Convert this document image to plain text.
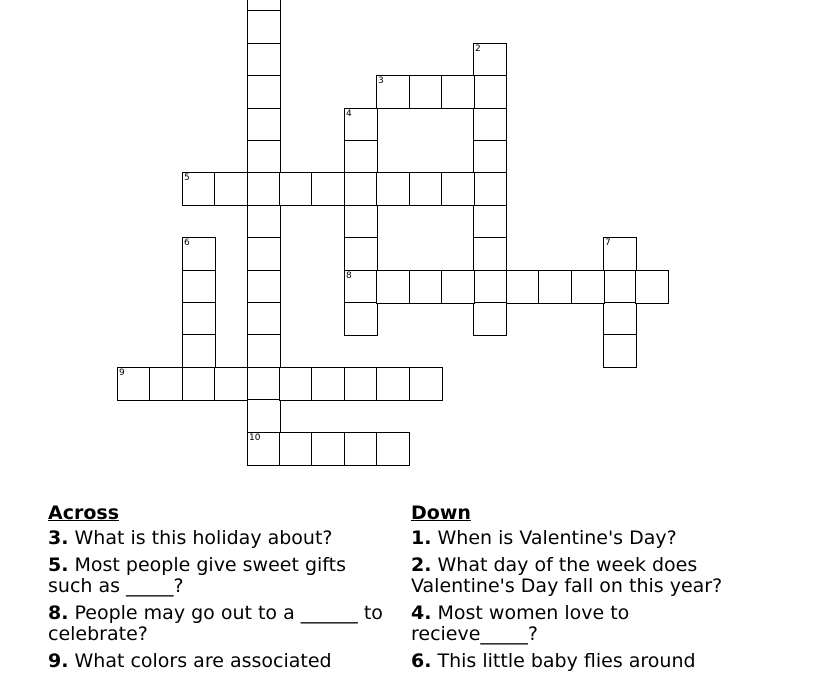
10
2
3
4
8
5
6	7
9
Across
3. What is this holiday about?
5. Most people give sweet gifts such as _____?
8. People may go out to a ______ to celebrate?
9. What colors are associated
Down
1. When is Valentine's Day?
2. What day of the week does Valentine's Day fall on this year?
4. Most women love to recieve_____?
6. This little baby flies around
